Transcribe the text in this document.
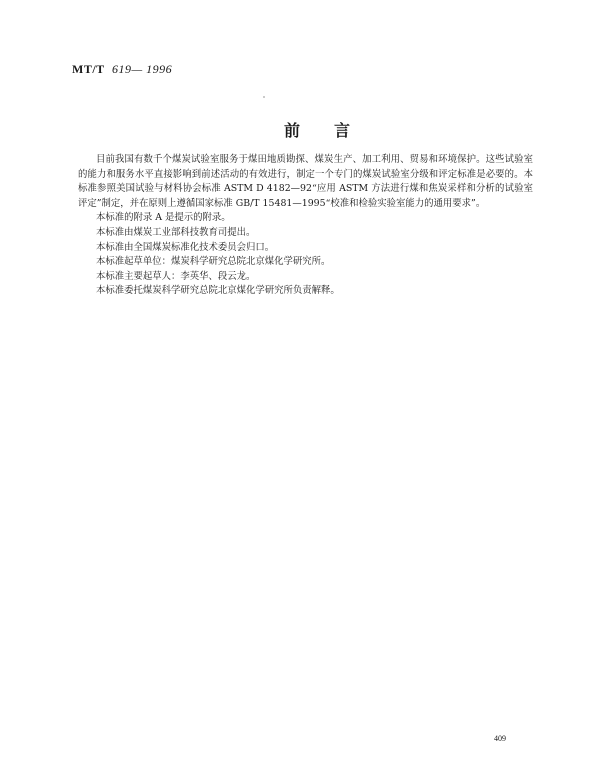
MT/T 619— 1996
前言

目前我国有数千个煤炭试验室服务于煤田地质勘探、煤炭生产、加工利用、贸易和环境保护。这些试验室的能力和服务水平直接影响到前述活动的有效进行，制定一个专门的煤炭试验室分级和评定标准是必要的。本标准参照美国试验与材料协会标准 ASTM D 4182—92“应用 ASTM 方法进行煤和焦炭采样和分析的试验室评定”制定，并在原则上遵循国家标准 GB/T 15481—1995“校准和检验实验室能力的通用要求”。

本标准的附录 A 是提示的附录。

本标准由煤炭工业部科技教育司提出。

本标准由全国煤炭标准化技术委员会归口。

本标准起草单位：煤炭科学研究总院北京煤化学研究所。

本标准主要起草人：李英华、段云龙。

本标准委托煤炭科学研究总院北京煤化学研究所负责解释。

409
